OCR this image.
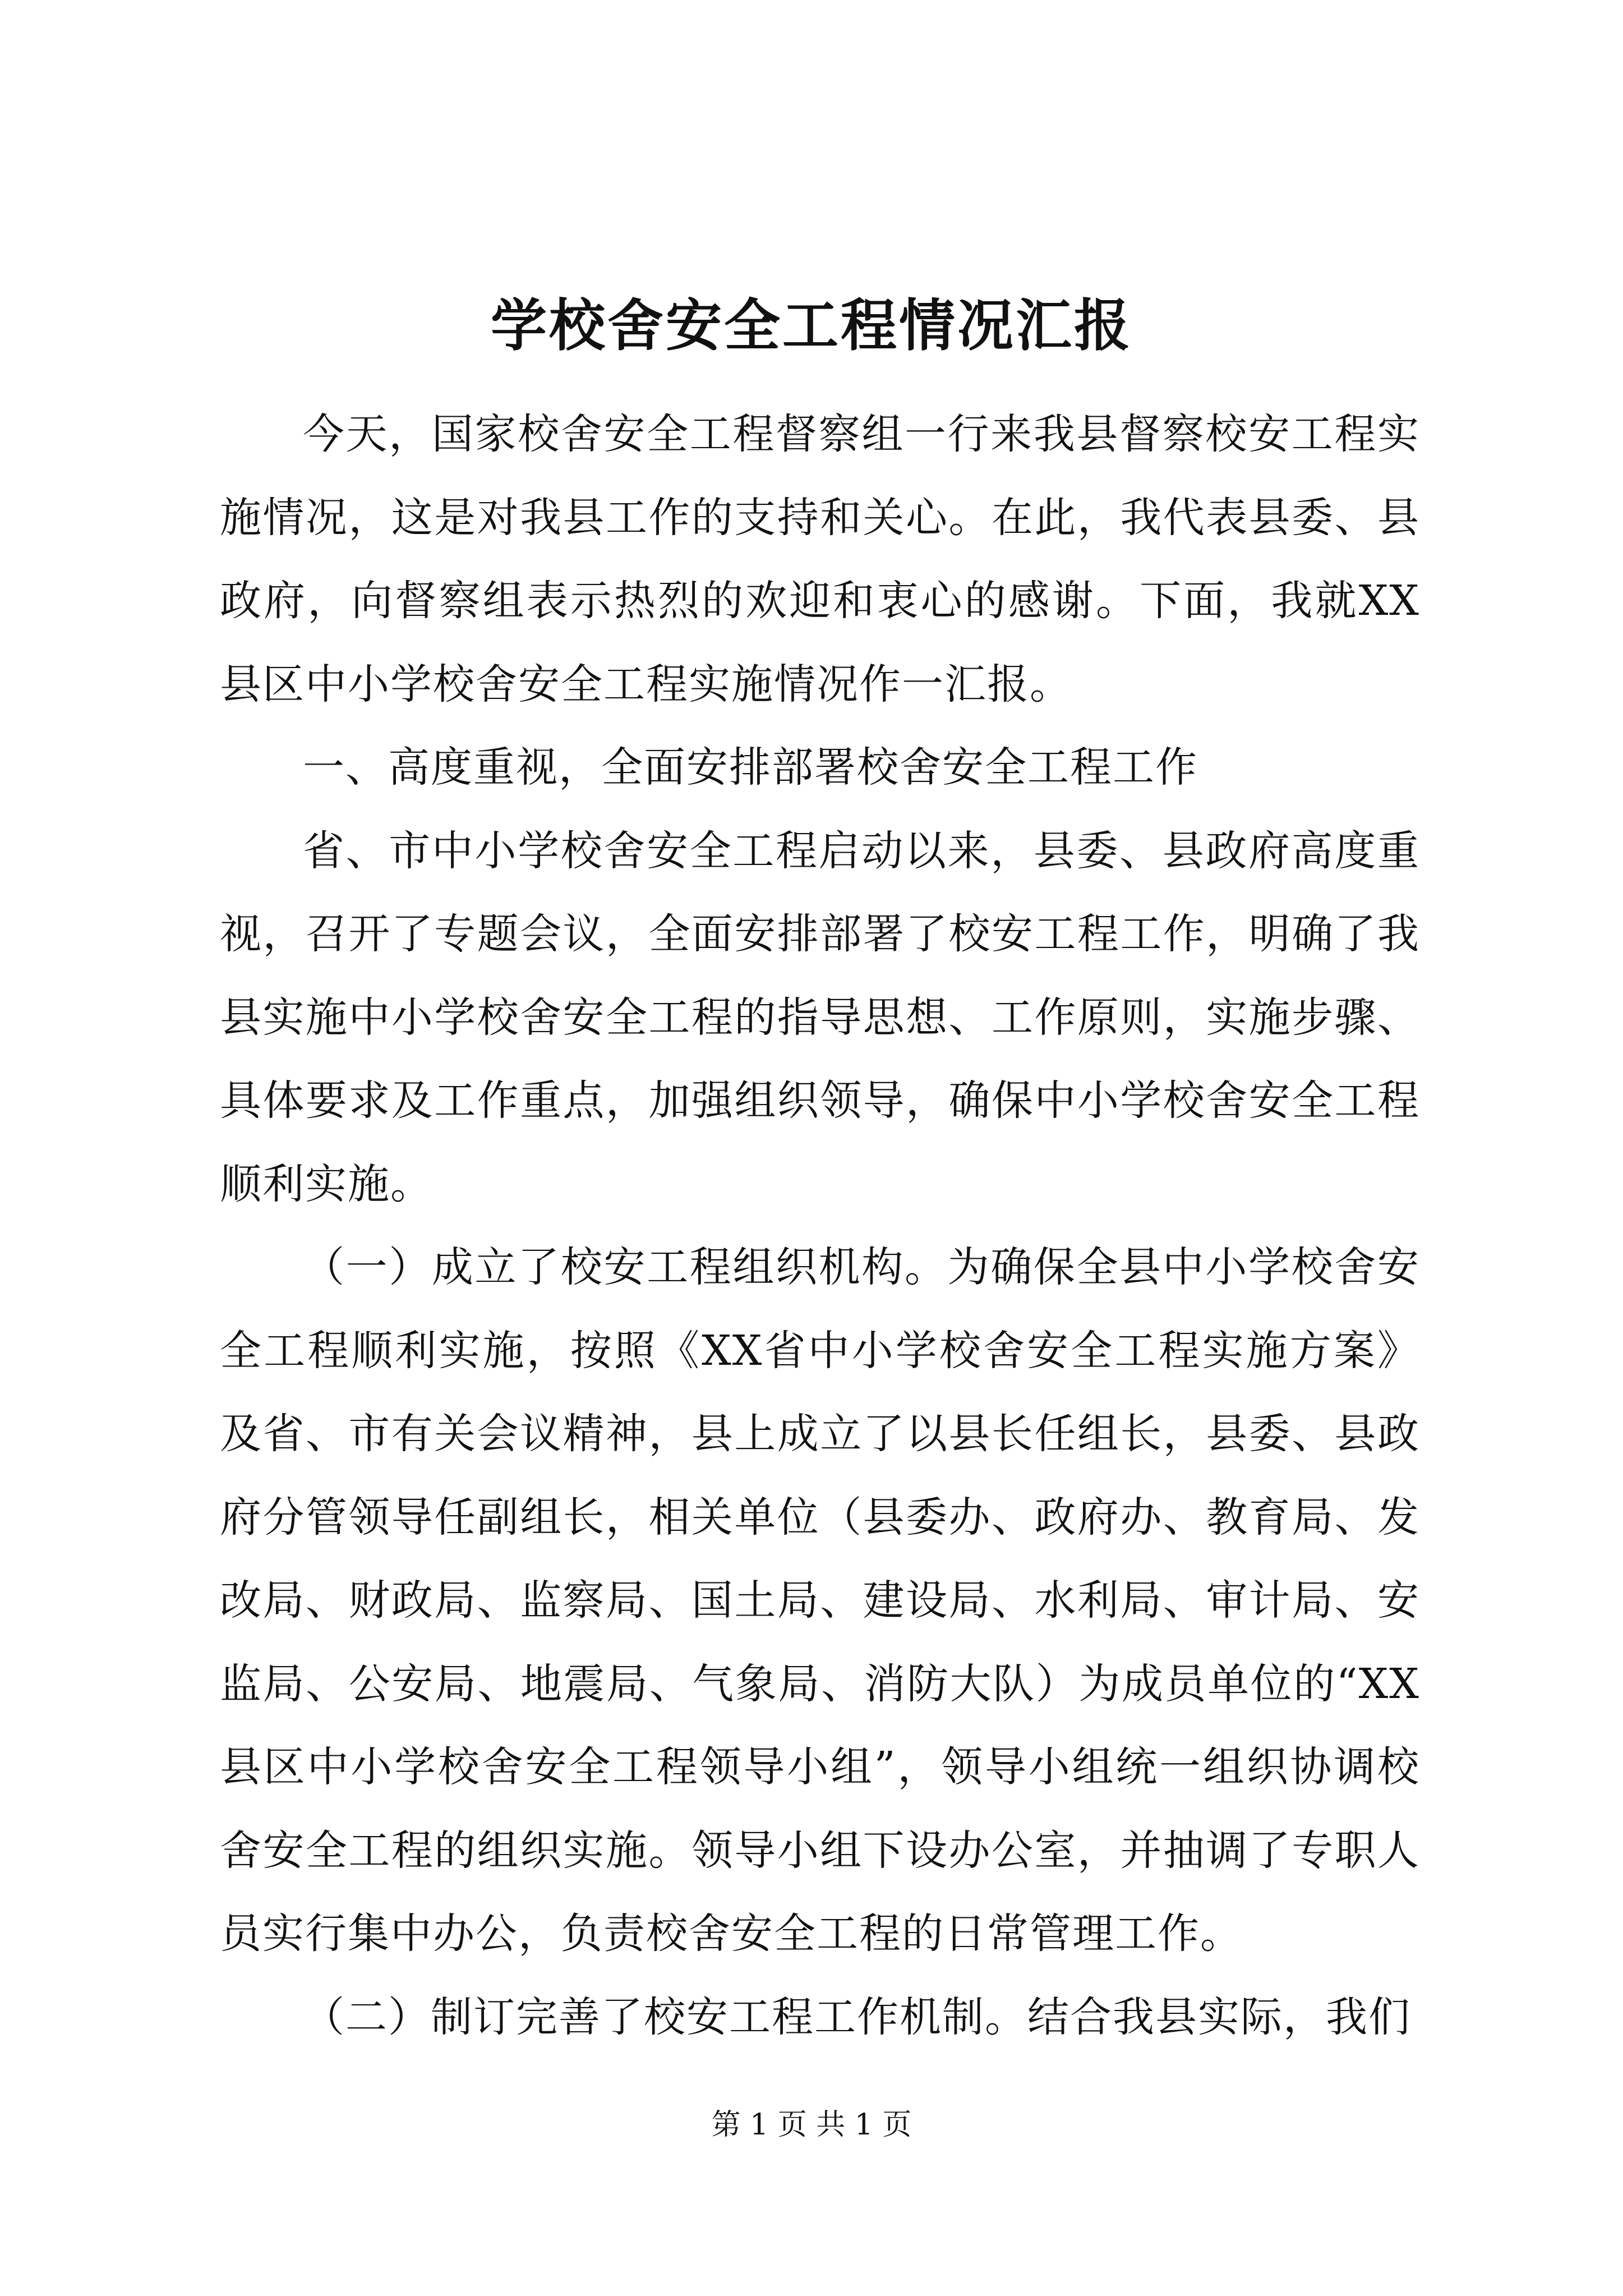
学校舍安全工程情况汇报

今天，国家校舍安全工程督察组一行来我县督察校安工程实施情况，这是对我县工作的支持和关心。在此，我代表县委、县政府，向督察组表示热烈的欢迎和衷心的感谢。下面，我就XX县区中小学校舍安全工程实施情况作一汇报。

一、高度重视，全面安排部署校舍安全工程工作

省、市中小学校舍安全工程启动以来，县委、县政府高度重视，召开了专题会议，全面安排部署了校安工程工作，明确了我县实施中小学校舍安全工程的指导思想、工作原则，实施步骤、具体要求及工作重点，加强组织领导，确保中小学校舍安全工程顺利实施。

（一）成立了校安工程组织机构。为确保全县中小学校舍安全工程顺利实施，按照《XX省中小学校舍安全工程实施方案》及省、市有关会议精神，县上成立了以县长任组长，县委、县政府分管领导任副组长，相关单位（县委办、政府办、教育局、发改局、财政局、监察局、国土局、建设局、水利局、审计局、安监局、公安局、地震局、气象局、消防大队）为成员单位的“XX县区中小学校舍安全工程领导小组”，领导小组统一组织协调校舍安全工程的组织实施。领导小组下设办公室，并抽调了专职人员实行集中办公，负责校舍安全工程的日常管理工作。

（二）制订完善了校安工程工作机制。结合我县实际，我们

第 1 页 共 1 页
